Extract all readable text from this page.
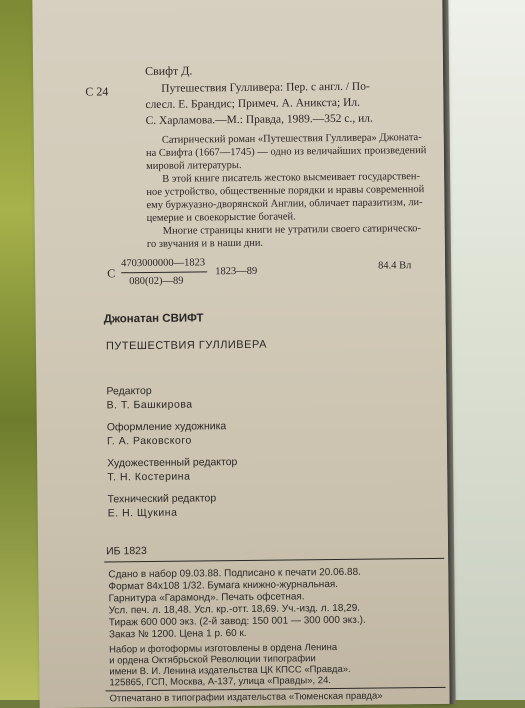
С 24
Свифт Д.
Путешествия Гулливера: Пер. с англ. / По-
слесл. Е. Брандис; Примеч. А. Аникста; Ил.
С. Харламова.—М.: Правда, 1989.—352 с., ил.
Сатирический роман «Путешествия Гулливера» Джоната-
на Свифта (1667—1745) — одно из величайших произведений
мировой литературы.
В этой книге писатель жестоко высмеивает государствен-
ное устройство, общественные порядки и нравы современной
ему буржуазно-дворянской Англии, обличает паразитизм, ли-
цемерие и своекорыстие богачей.
Многие страницы книги не утратили своего сатирическо-
го звучания и в наши дни.
С
4703000000—1823
080(02)—89
1823—89	84.4 Вл
Джонатан СВИФТ
ПУТЕШЕСТВИЯ ГУЛЛИВЕРА
Редактор
В. Т. Башкирова
Оформление художника
Г. А. Раковского
Художественный редактор
Т. Н. Костерина
Технический редактор
Е. Н. Щукина
ИБ 1823
Сдано в набор 09.03.88. Подписано к печати 20.06.88.
Формат 84x108 1/32. Бумага книжно-журнальная.
Гарнитура «Гарамонд». Печать офсетная.
Усл. печ. л. 18,48. Усл. кр.-отт. 18,69. Уч.-изд. л. 18,29.
Тираж 600 000 экз. (2-й завод: 150 001 — 300 000 экз.).
Заказ № 1200. Цена 1 р. 60 к.
Набор и фотоформы изготовлены в ордена Ленина
и ордена Октябрьской Революции типографии
имени В. И. Ленина издательства ЦК КПСС «Правда».
125865, ГСП, Москва, А-137, улица «Правды», 24.
Отпечатано в типографии издательства «Тюменская правда»
